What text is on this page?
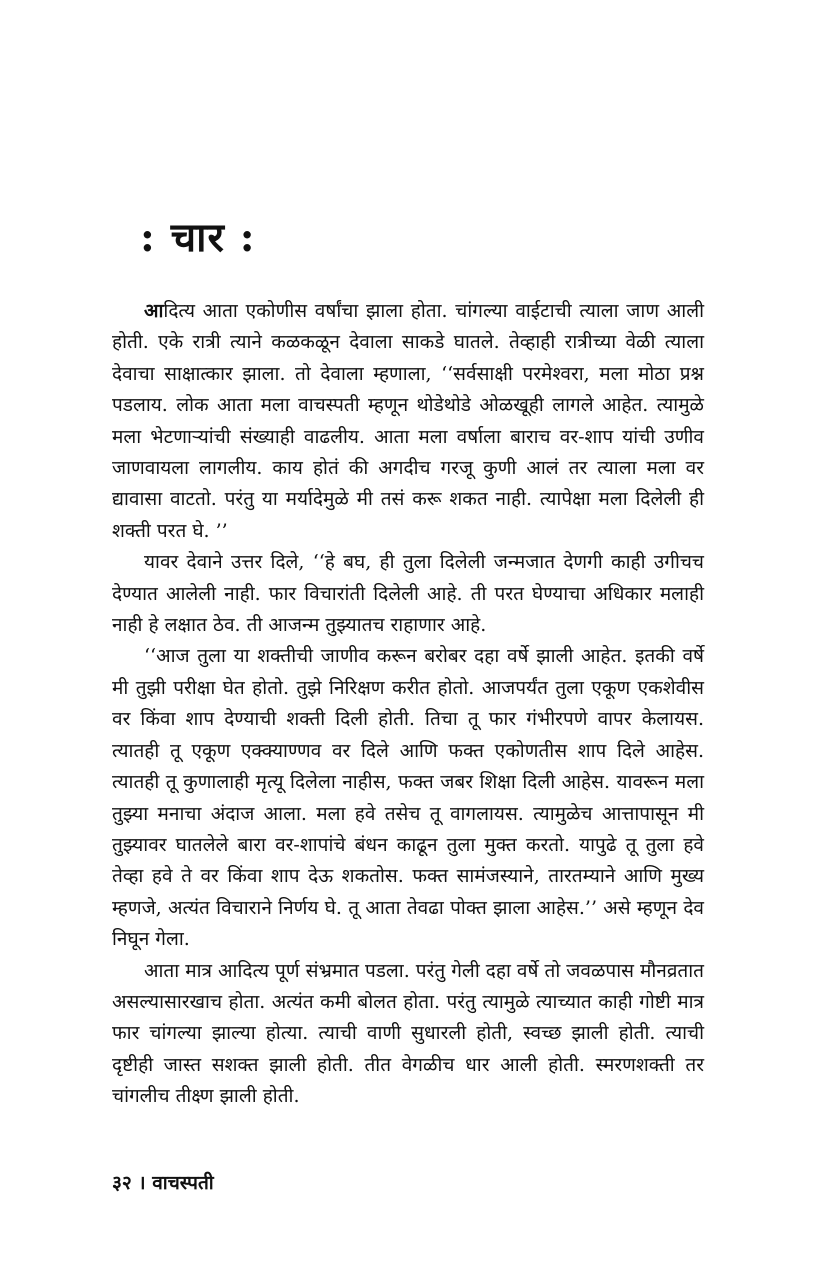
: चार :

आदित्य आता एकोणीस वर्षांचा झाला होता. चांगल्या वाईटाची त्याला जाण आली होती. एके रात्री त्याने कळकळून देवाला साकडे घातले. तेव्हाही रात्रीच्या वेळी त्याला देवाचा साक्षात्कार झाला. तो देवाला म्हणाला, ‘‘सर्वसाक्षी परमेश्वरा, मला मोठा प्रश्न पडलाय. लोक आता मला वाचस्पती म्हणून थोडेथोडे ओळखूही लागले आहेत. त्यामुळे मला भेटणाऱ्यांची संख्याही वाढलीय. आता मला वर्षाला बाराच वर-शाप यांची उणीव जाणवायला लागलीय. काय होतं की अगदीच गरजू कुणी आलं तर त्याला मला वर द्यावासा वाटतो. परंतु या मर्यादेमुळे मी तसं करू शकत नाही. त्यापेक्षा मला दिलेली ही शक्ती परत घे. ’’

यावर देवाने उत्तर दिले, ‘‘हे बघ, ही तुला दिलेली जन्मजात देणगी काही उगीचच देण्यात आलेली नाही. फार विचारांती दिलेली आहे. ती परत घेण्याचा अधिकार मलाही नाही हे लक्षात ठेव. ती आजन्म तुझ्यातच राहाणार आहे.

‘‘आज तुला या शक्तीची जाणीव करून बरोबर दहा वर्षे झाली आहेत. इतकी वर्षे मी तुझी परीक्षा घेत होतो. तुझे निरिक्षण करीत होतो. आजपर्यंत तुला एकूण एकशेवीस वर किंवा शाप देण्याची शक्ती दिली होती. तिचा तू फार गंभीरपणे वापर केलायस. त्यातही तू एकूण एक्क्याण्णव वर दिले आणि फक्त एकोणतीस शाप दिले आहेस. त्यातही तू कुणालाही मृत्यू दिलेला नाहीस, फक्त जबर शिक्षा दिली आहेस. यावरून मला तुझ्या मनाचा अंदाज आला. मला हवे तसेच तू वागलायस. त्यामुळेच आत्तापासून मी तुझ्यावर घातलेले बारा वर-शापांचे बंधन काढून तुला मुक्त करतो. यापुढे तू तुला हवे तेव्हा हवे ते वर किंवा शाप देऊ शकतोस. फक्त सामंजस्याने, तारतम्याने आणि मुख्य म्हणजे, अत्यंत विचाराने निर्णय घे. तू आता तेवढा पोक्त झाला आहेस.’’ असे म्हणून देव निघून गेला.

आता मात्र आदित्य पूर्ण संभ्रमात पडला. परंतु गेली दहा वर्षे तो जवळपास मौनव्रतात असल्यासारखाच होता. अत्यंत कमी बोलत होता. परंतु त्यामुळे त्याच्यात काही गोष्टी मात्र फार चांगल्या झाल्या होत्या. त्याची वाणी सुधारली होती, स्वच्छ झाली होती. त्याची दृष्टीही जास्त सशक्त झाली होती. तीत वेगळीच धार आली होती. स्मरणशक्ती तर चांगलीच तीक्ष्ण झाली होती.

३२ । वाचस्पती
